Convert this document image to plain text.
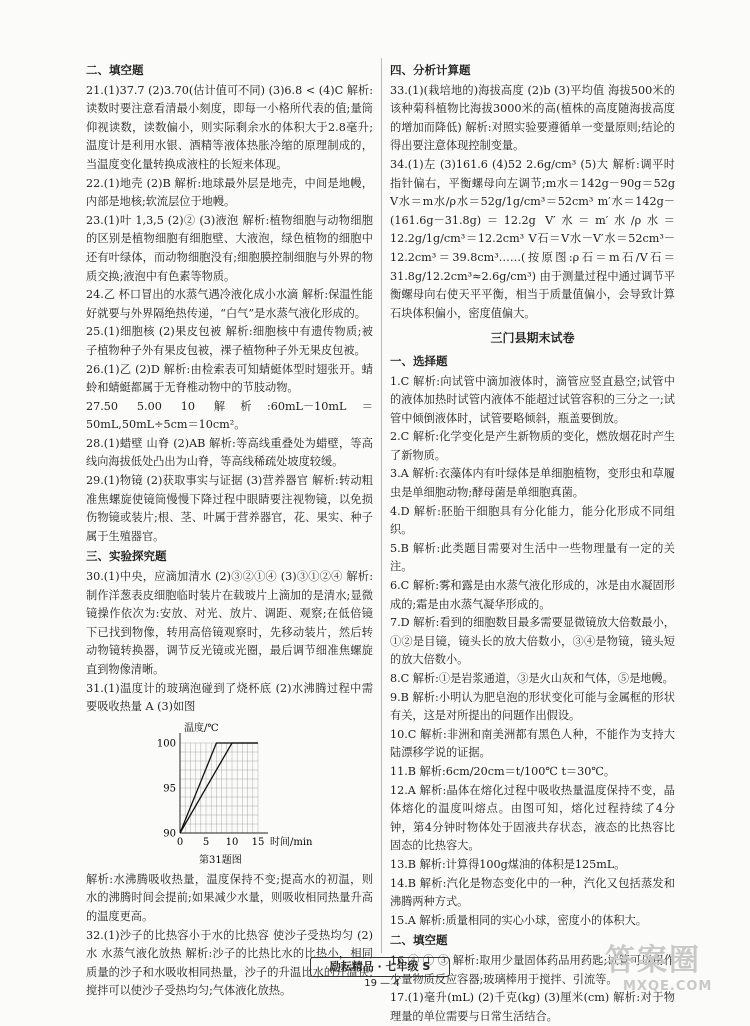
二、填空题

21.(1)37.7 (2)3.70(估计值可不同) (3)6.8 < (4)C 解析:读数时要注意看清最小刻度，即每一小格所代表的值;量筒仰视读数，读数偏小，则实际剩余水的体积大于2.8毫升;温度计是利用水银、酒精等液体热胀冷缩的原理制成的，当温度变化量转换成液柱的长短来体现。

22.(1)地壳 (2)B 解析:地球最外层是地壳，中间是地幔，内部是地核;软流层位于地幔。

23.(1)叶 1,3,5 (2)② (3)液泡 解析:植物细胞与动物细胞的区别是植物细胞有细胞壁、大液泡，绿色植物的细胞中还有叶绿体，而动物细胞没有;细胞膜控制细胞与外界的物质交换;液泡中有色素等物质。

24.乙 杯口冒出的水蒸气遇冷液化成小水滴 解析:保温性能好就要与外界隔绝热传递，“白气”是水蒸气液化形成的。

25.(1)细胞核 (2)果皮包被 解析:细胞核中有遗传物质;被子植物种子外有果皮包被，裸子植物种子外无果皮包被。

26.(1)乙 (2)D 解析:由检索表可知蜻蜓体型时翅张开。蜻蛉和蜻蜓都属于无脊椎动物中的节肢动物。

27.50 5.00 10 解析:60mL－10mL＝50mL,50mL÷5cm＝10cm²。

28.(1)蜡壁 山脊 (2)AB 解析:等高线重叠处为蜡壁，等高线向海拔低处凸出为山脊，等高线稀疏处坡度较缓。

29.(1)物镜 (2)获取事实与证据 (3)营养器官 解析:转动粗准焦螺旋使镜筒慢慢下降过程中眼睛要注视物镜，以免损伤物镜或装片;根、茎、叶属于营养器官，花、果实、种子属于生殖器官。

三、实验探究题

30.(1)中央，应滴加清水 (2)③②①④ (3)③①②④ 解析:制作洋葱表皮细胞临时装片在载玻片上滴加的是清水;显微镜操作依次为:安放、对光、放片、调距、观察;在低倍镜下已找到物像，转用高倍镜观察时，先移动装片，然后转动物镜转换器，调节反光镜或光圈，最后调节细准焦螺旋直到物像清晰。

31.(1)温度计的玻璃泡碰到了烧杯底 (2)水沸腾过程中需要吸收热量 A (3)如图

0 5 10 15
90
95
100
温度/℃
时间/min
第31题图

解析:水沸腾吸收热量，温度保持不变;提高水的初温，则水的沸腾时间会提前;如果减少水量，则吸收相同热量升高的温度更高。

32.(1)沙子的比热容小于水的比热容 使沙子受热均匀 (2)水 水蒸气液化放热 解析:沙子的比热比水的比热小，相同质量的沙子和水吸收相同热量，沙子的升温比水的升温快;搅拌可以使沙子受热均匀;气体液化放热。

四、分析计算题

33.(1)(栽培地的)海拔高度 (2)b (3)平均值 海拔500米的该种菊科植物比海拔3000米的高(植株的高度随海拔高度的增加而降低) 解析:对照实验要遵循单一变量原则;结论的得出要注意体现控制变量。

34.(1)左 (3)161.6 (4)52 2.6g/cm³ (5)大 解析:调平时指针偏右，平衡螺母向左调节;m水＝142g－90g＝52g V水＝m水/ρ水＝52g/1g/cm³＝52cm³ m′水＝142g－(161.6g－31.8g)＝12.2g V′水＝m′水/ρ水＝12.2g/1g/cm³＝12.2cm³ V石＝V水－V′水＝52cm³－12.2cm³＝39.8cm³……(按原图:ρ石＝m石/V石＝31.8g/12.2cm³≈2.6g/cm³) 由于测量过程中通过调节平衡螺母向右使天平平衡，相当于质量值偏小，会导致计算石块体积偏小，密度值偏大。

三门县期末试卷
一、选择题

1.C 解析:向试管中滴加液体时，滴管应竖直悬空;试管中的液体加热时试管内液体不能超过试管容积的三分之一;试管中倾倒液体时，试管要略倾斜，瓶盖要倒放。

2.C 解析:化学变化是产生新物质的变化，燃放烟花时产生了新物质。

3.A 解析:衣藻体内有叶绿体是单细胞植物，变形虫和草履虫是单细胞动物;酵母菌是单细胞真菌。

4.D 解析:胚胎干细胞具有分化能力，能分化形成不同组织。

5.B 解析:此类题目需要对生活中一些物理量有一定的关注。

6.C 解析:雾和露是由水蒸气液化形成的，冰是由水凝固形成的;霜是由水蒸气凝华形成的。

7.D 解析:看到的细胞数目最多需要显微镜放大倍数最小，①②是目镜，镜头长的放大倍数小，③④是物镜，镜头短的放大倍数小。

8.C 解析:①是岩浆通道，③是火山灰和气体，⑤是地幔。

9.B 解析:小明认为肥皂泡的形状变化可能与金属框的形状有关，这是对所提出的问题作出假设。

10.C 解析:非洲和南美洲都有黑色人种，不能作为支持大陆漂移学说的证据。

11.B 解析:6cm/20cm＝t/100℃ t＝30℃。

12.A 解析:晶体在熔化过程中吸收热量温度保持不变，晶体熔化的温度叫熔点。由图可知，熔化过程持续了4分钟，第4分钟时物体处于固液共存状态，液态的比热容比固态的比热容大。

13.B 解析:计算得100g煤油的体积是125mL。

14.B 解析:汽化是物态变化中的一种，汽化又包括蒸发和沸腾两种方式。

15.A 解析:质量相同的实心小球，密度小的体积大。

二、填空题

16.④ ① ③ 解析:取用少量固体药品用药匙;试管可以用作少量物质反应容器;玻璃棒用于搅拌、引流等。

17.(1)毫升(mL) (2)千克(kg) (3)厘米(cm) 解析:对于物理量的单位需要与日常生活结合。

励耘精品 · 七年级 S
19 — 4
答案圈
MXQE.COM
